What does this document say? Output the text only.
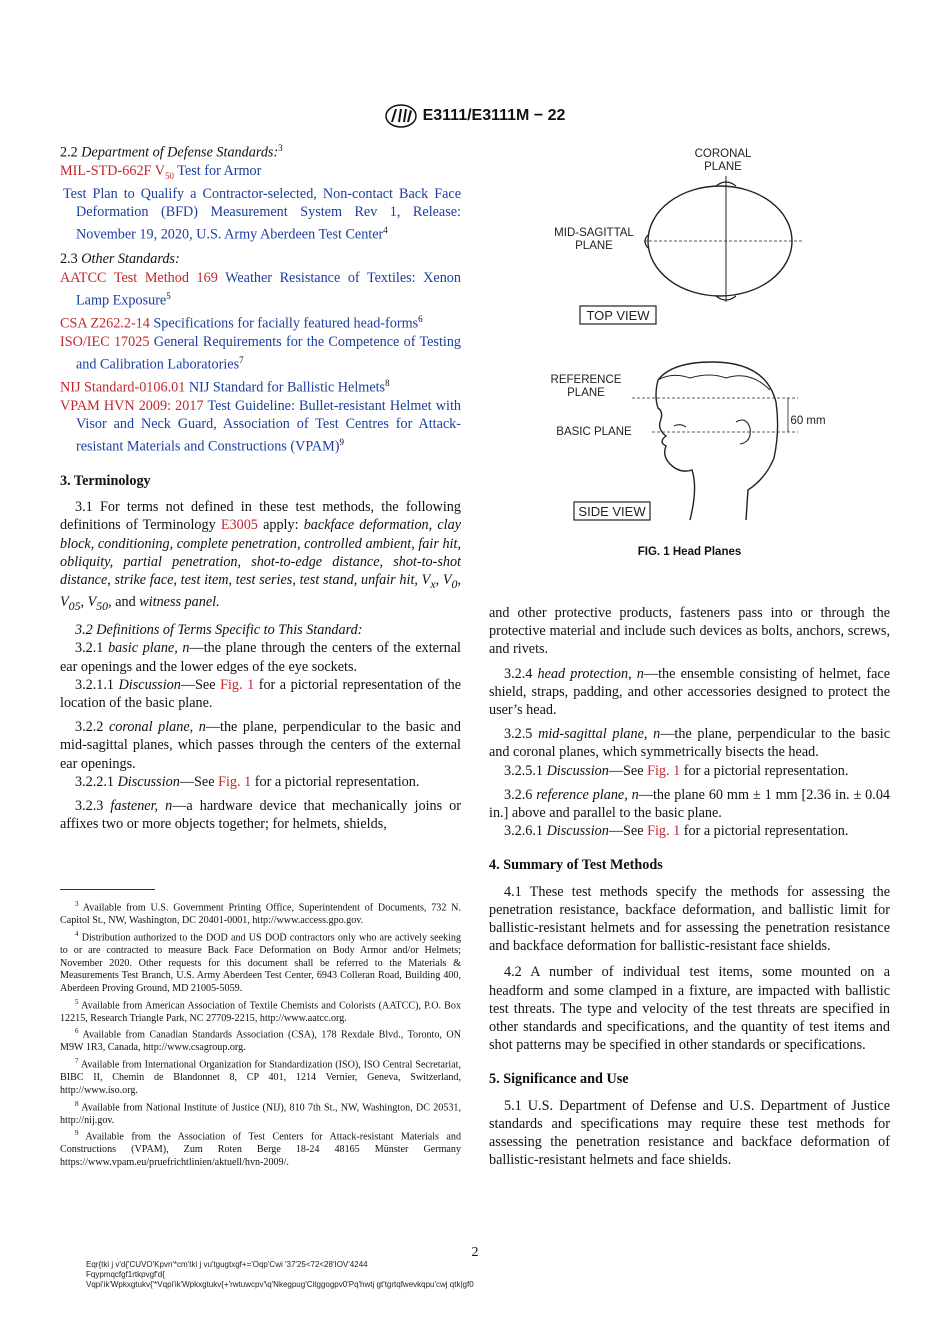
E3111/E3111M − 22

2.2 Department of Defense Standards:$^3$

MIL-STD-662F $V_{50}$ Test for Armor

Test Plan to Qualify a Contractor-selected, Non-contact Back Face Deformation (BFD) Measurement System Rev 1, Release: November 19, 2020, U.S. Army Aberdeen Test Center$^4$

2.3 Other Standards:

AATCC Test Method 169 Weather Resistance of Textiles: Xenon Lamp Exposure$^5$

CSA Z262.2-14 Specifications for facially featured head-forms$^6$

ISO/IEC 17025 General Requirements for the Competence of Testing and Calibration Laboratories$^7$

NIJ Standard-0106.01 NIJ Standard for Ballistic Helmets$^8$

VPAM HVN 2009: 2017 Test Guideline: Bullet-resistant Helmet with Visor and Neck Guard, Association of Test Centres for Attack-resistant Materials and Constructions (VPAM)$^9$

3. Terminology

3.1 For terms not defined in these test methods, the following definitions of Terminology E3005 apply: backface deformation, clay block, conditioning, complete penetration, controlled ambient, fair hit, obliquity, partial penetration, shot-to-edge distance, shot-to-shot distance, strike face, test item, test series, test stand, unfair hit, $V_x$, $V_0$, $V_{05}$, $V_{50}$, and witness panel.

3.2 Definitions of Terms Specific to This Standard:

3.2.1 basic plane, n—the plane through the centers of the external ear openings and the lower edges of the eye sockets.

3.2.1.1 Discussion—See Fig. 1 for a pictorial representation of the location of the basic plane.

3.2.2 coronal plane, n—the plane, perpendicular to the basic and mid-sagittal planes, which passes through the centers of the external ear openings.

3.2.2.1 Discussion—See Fig. 1 for a pictorial representation.

3.2.3 fastener, n—a hardware device that mechanically joins or affixes two or more objects together; for helmets, shields,

$^3$ Available from U.S. Government Printing Office, Superintendent of Documents, 732 N. Capitol St., NW, Washington, DC 20401-0001, http://www.access.gpo.gov.

$^4$ Distribution authorized to the DOD and US DOD contractors only who are actively seeking to or are contracted to measure Back Face Deformation on Body Armor and/or Helmets; November 2020. Other requests for this document shall be referred to the Materials & Measurements Test Branch, U.S. Army Aberdeen Test Center, 6943 Colleran Road, Building 400, Aberdeen Proving Ground, MD 21005-5059.

$^5$ Available from American Association of Textile Chemists and Colorists (AATCC), P.O. Box 12215, Research Triangle Park, NC 27709-2215, http://www.aatcc.org.

$^6$ Available from Canadian Standards Association (CSA), 178 Rexdale Blvd., Toronto, ON M9W 1R3, Canada, http://www.csagroup.org.

$^7$ Available from International Organization for Standardization (ISO), ISO Central Secretariat, BIBC II, Chemin de Blandonnet 8, CP 401, 1214 Vernier, Geneva, Switzerland, http://www.iso.org.

$^8$ Available from National Institute of Justice (NIJ), 810 7th St., NW, Washington, DC 20531, http://nij.gov.

$^9$ Available from the Association of Test Centers for Attack-resistant Materials and Constructions (VPAM), Zum Roten Berge 18-24 48165 Münster Germany https://www.vpam.eu/pruefrichtlinien/aktuell/hvn-2009/.

CORONAL
PLANE
MID-SAGITTAL
PLANE
TOP VIEW
REFERENCE
PLANE
BASIC PLANE
60 mm
SIDE VIEW
FIG. 1 Head Planes

and other protective products, fasteners pass into or through the protective material and include such devices as bolts, anchors, screws, and rivets.

3.2.4 head protection, n—the ensemble consisting of helmet, face shield, straps, padding, and other accessories designed to protect the user’s head.

3.2.5 mid-sagittal plane, n—the plane, perpendicular to the basic and coronal planes, which symmetrically bisects the head.

3.2.5.1 Discussion—See Fig. 1 for a pictorial representation.

3.2.6 reference plane, n—the plane 60 mm ± 1 mm [2.36 in. ± 0.04 in.] above and parallel to the basic plane.

3.2.6.1 Discussion—See Fig. 1 for a pictorial representation.

4. Summary of Test Methods

4.1 These test methods specify the methods for assessing the penetration resistance, backface deformation, and ballistic limit for ballistic-resistant helmets and for assessing the penetration resistance and backface deformation for ballistic-resistant face shields.

4.2 A number of individual test items, some mounted on a headform and some clamped in a fixture, are impacted with ballistic test threats. The type and velocity of the test threats are specified in other standards and specifications, and the quantity of test items and shot patterns may be specified in other standards or specifications.

5. Significance and Use

5.1 U.S. Department of Defense and U.S. Department of Justice standards and specifications may require these test methods for assessing the penetration resistance and backface deformation of ballistic-resistant helmets and face shields.

2
Eqr{tki j v'd{'CUVO'Kpvn'*cm'tki j vu'tgugtxgf+='Oqp'Cwi '37'25<72<28'IOV'4244
Fqypmqcfgf1rtkpvgf'd{
Vqpi'ik'Wpkxgtukv{'*Vqpi'ik'Wpkxgtukv{+'rwtuwcpv'\q'Nkegpug'Citggogpv0'Pq'hwtj gt'tgrtqfwevkqpu'cwj qtk|gf0
